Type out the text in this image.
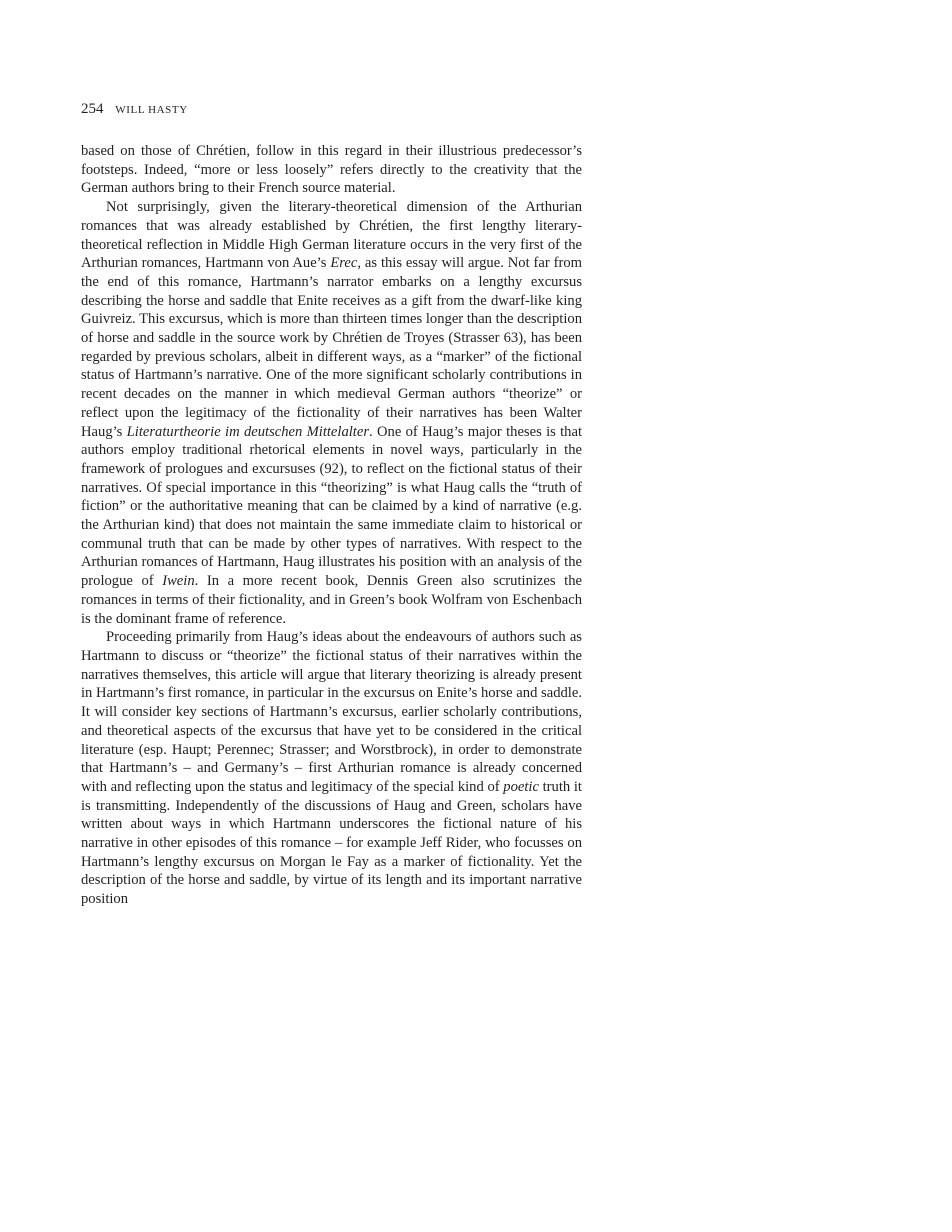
254 WILL HASTY

based on those of Chrétien, follow in this regard in their illustrious predecessor’s footsteps. Indeed, “more or less loosely” refers directly to the creativity that the German authors bring to their French source material.

Not surprisingly, given the literary-theoretical dimension of the Arthurian romances that was already established by Chrétien, the first lengthy literary-theoretical reflection in Middle High German literature occurs in the very first of the Arthurian romances, Hartmann von Aue’s Erec, as this essay will argue. Not far from the end of this romance, Hartmann’s narrator embarks on a lengthy excursus describing the horse and saddle that Enite receives as a gift from the dwarf-like king Guivreiz. This excursus, which is more than thirteen times longer than the description of horse and saddle in the source work by Chrétien de Troyes (Strasser 63), has been regarded by previous scholars, albeit in different ways, as a “marker” of the fictional status of Hartmann’s narrative. One of the more significant scholarly contributions in recent decades on the manner in which medieval German authors “theorize” or reflect upon the legitimacy of the fictionality of their narratives has been Walter Haug’s Literaturtheorie im deutschen Mittelalter. One of Haug’s major theses is that authors employ traditional rhetorical elements in novel ways, particularly in the framework of prologues and excursuses (92), to reflect on the fictional status of their narratives. Of special importance in this “theorizing” is what Haug calls the “truth of fiction” or the authoritative meaning that can be claimed by a kind of narrative (e.g. the Arthurian kind) that does not maintain the same immediate claim to historical or communal truth that can be made by other types of narratives. With respect to the Arthurian romances of Hartmann, Haug illustrates his position with an analysis of the prologue of Iwein. In a more recent book, Dennis Green also scrutinizes the romances in terms of their fictionality, and in Green’s book Wolfram von Eschenbach is the dominant frame of reference.

Proceeding primarily from Haug’s ideas about the endeavours of authors such as Hartmann to discuss or “theorize” the fictional status of their narratives within the narratives themselves, this article will argue that literary theorizing is already present in Hartmann’s first romance, in particular in the excursus on Enite’s horse and saddle. It will consider key sections of Hartmann’s excursus, earlier scholarly contributions, and theoretical aspects of the excursus that have yet to be considered in the critical literature (esp. Haupt; Perennec; Strasser; and Worstbrock), in order to demonstrate that Hartmann’s – and Germany’s – first Arthurian romance is already concerned with and reflecting upon the status and legitimacy of the special kind of poetic truth it is transmitting. Independently of the discussions of Haug and Green, scholars have written about ways in which Hartmann underscores the fictional nature of his narrative in other episodes of this romance – for example Jeff Rider, who focusses on Hartmann’s lengthy excursus on Morgan le Fay as a marker of fictionality. Yet the description of the horse and saddle, by virtue of its length and its important narrative position
